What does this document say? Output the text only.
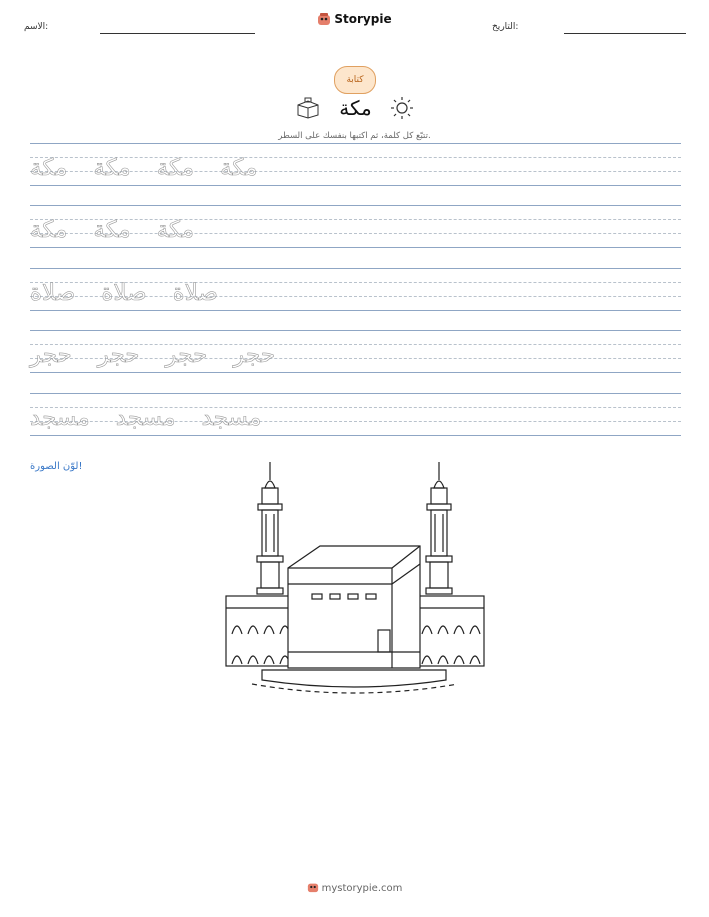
الاسم:
Storypie
التاريخ:
كتابة
مكة
تتبّع كل كلمة، ثم اكتبها بنفسك على السطر.
مكة مكة مكة مكة
مكة مكة مكة
صلاة صلاة صلاة
حجر حجر حجر حجر
مسجد مسجد مسجد
لوّن الصورة!
mystorypie.com
